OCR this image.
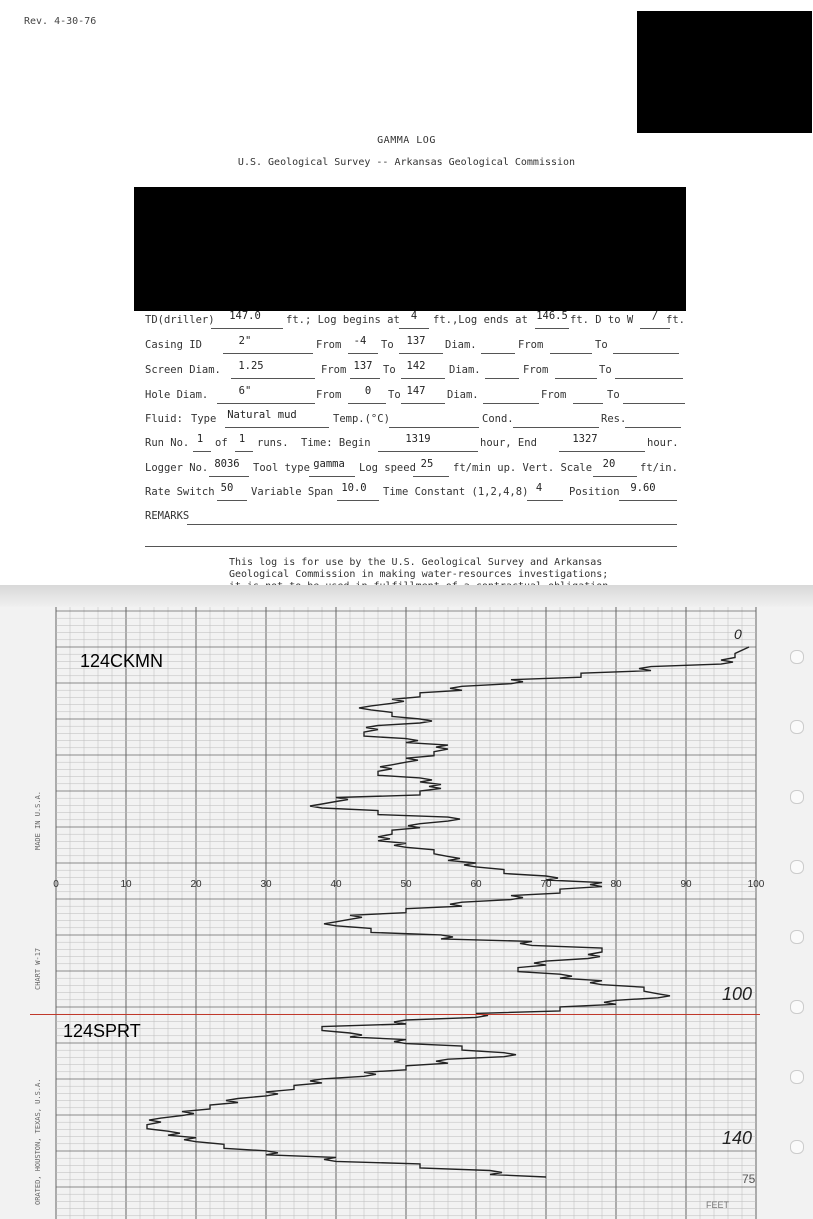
Rev. 4-30-76
GAMMA LOG
U.S. Geological Survey -- Arkansas Geological Commission
TD(driller)	147.0	ft.; Log begins at	4	ft.,Log ends at 146.5 ft. D to W	/ ft.
Casing ID	2"	From	-4	To	137	Diam.	From	To
Screen Diam.	1.25	From 137	To	142	Diam.	From	To
Hole Diam.	6"	From	0	To 147	Diam.	From	To
Fluid: Type Natural mud	Temp.(°C)	Cond.	Res.
Run No. 1	of	1	runs. Time: Begin	1319	hour, End	1327	hour.
Logger No. 8036	Tool type gamma	Log speed 25	ft/min up. Vert. Scale	20	ft/in.
Rate Switch 50	Variable Span 10.0 Time Constant (1,2,4,8) 4	Position	9.60
REMARKS
This log is for use by the U.S. Geological Survey and Arkansas
Geological Commission in making water-resources investigations;

0	10	20	30	40	50	60	70	80	90	100
124CKMN
124SPRT
0
100
140
75
FEET
MADE IN U.S.A.
CHART W-17
ORATED, HOUSTON, TEXAS, U.S.A.
